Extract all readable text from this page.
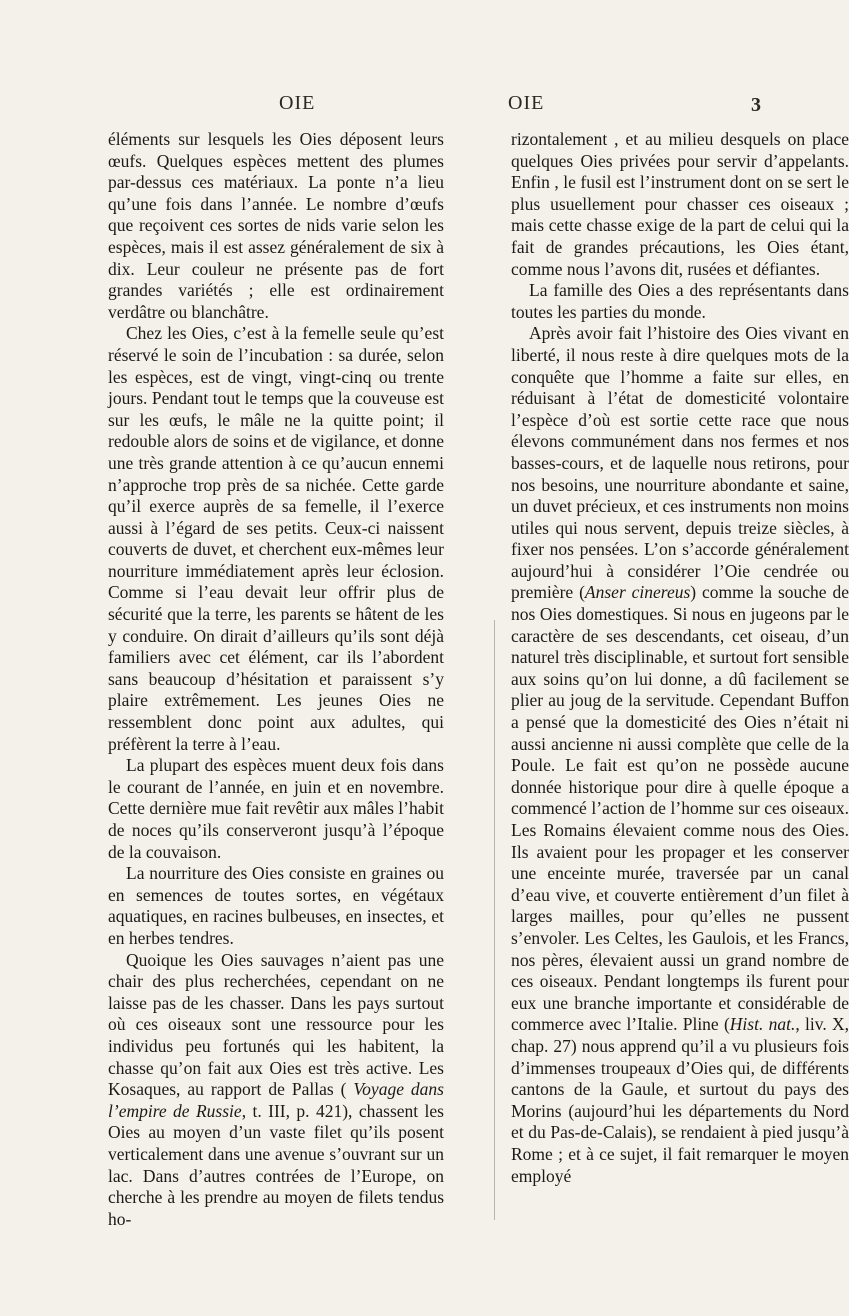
OIE	OIE	3

éléments sur lesquels les Oies déposent leurs œufs. Quelques espèces mettent des plumes par-dessus ces matériaux. La ponte n’a lieu qu’une fois dans l’année. Le nombre d’œufs que reçoivent ces sortes de nids varie selon les espèces, mais il est assez généralement de six à dix. Leur couleur ne présente pas de fort grandes variétés ; elle est ordinairement verdâtre ou blanchâtre.

Chez les Oies, c’est à la femelle seule qu’est réservé le soin de l’incubation : sa durée, selon les espèces, est de vingt, vingt-cinq ou trente jours. Pendant tout le temps que la couveuse est sur les œufs, le mâle ne la quitte point; il redouble alors de soins et de vigilance, et donne une très grande attention à ce qu’aucun ennemi n’approche trop près de sa nichée. Cette garde qu’il exerce auprès de sa femelle, il l’exerce aussi à l’égard de ses petits. Ceux-ci naissent couverts de duvet, et cherchent eux-mêmes leur nourriture immédiatement après leur éclosion. Comme si l’eau devait leur offrir plus de sécurité que la terre, les parents se hâtent de les y conduire. On dirait d’ailleurs qu’ils sont déjà familiers avec cet élément, car ils l’abordent sans beaucoup d’hésitation et paraissent s’y plaire extrêmement. Les jeunes Oies ne ressemblent donc point aux adultes, qui préfèrent la terre à l’eau.

La plupart des espèces muent deux fois dans le courant de l’année, en juin et en novembre. Cette dernière mue fait revêtir aux mâles l’habit de noces qu’ils conserveront jusqu’à l’époque de la couvaison.

La nourriture des Oies consiste en graines ou en semences de toutes sortes, en végétaux aquatiques, en racines bulbeuses, en insectes, et en herbes tendres.

Quoique les Oies sauvages n’aient pas une chair des plus recherchées, cependant on ne laisse pas de les chasser. Dans les pays surtout où ces oiseaux sont une ressource pour les individus peu fortunés qui les habitent, la chasse qu’on fait aux Oies est très active. Les Kosaques, au rapport de Pallas ( Voyage dans l’empire de Russie, t. III, p. 421), chassent les Oies au moyen d’un vaste filet qu’ils posent verticalement dans une avenue s’ouvrant sur un lac. Dans d’autres contrées de l’Europe, on cherche à les prendre au moyen de filets tendus ho-

rizontalement , et au milieu desquels on place quelques Oies privées pour servir d’appelants. Enfin , le fusil est l’instrument dont on se sert le plus usuellement pour chasser ces oiseaux ; mais cette chasse exige de la part de celui qui la fait de grandes précautions, les Oies étant, comme nous l’avons dit, rusées et défiantes.

La famille des Oies a des représentants dans toutes les parties du monde.

Après avoir fait l’histoire des Oies vivant en liberté, il nous reste à dire quelques mots de la conquête que l’homme a faite sur elles, en réduisant à l’état de domesticité volontaire l’espèce d’où est sortie cette race que nous élevons communément dans nos fermes et nos basses-cours, et de laquelle nous retirons, pour nos besoins, une nourriture abondante et saine, un duvet précieux, et ces instruments non moins utiles qui nous servent, depuis treize siècles, à fixer nos pensées. L’on s’accorde généralement aujourd’hui à considérer l’Oie cendrée ou première (Anser cinereus) comme la souche de nos Oies domestiques. Si nous en jugeons par le caractère de ses descendants, cet oiseau, d’un naturel très disciplinable, et surtout fort sensible aux soins qu’on lui donne, a dû facilement se plier au joug de la servitude. Cependant Buffon a pensé que la domesticité des Oies n’était ni aussi ancienne ni aussi complète que celle de la Poule. Le fait est qu’on ne possède aucune donnée historique pour dire à quelle époque a commencé l’action de l’homme sur ces oiseaux. Les Romains élevaient comme nous des Oies. Ils avaient pour les propager et les conserver une enceinte murée, traversée par un canal d’eau vive, et couverte entièrement d’un filet à larges mailles, pour qu’elles ne pussent s’envoler. Les Celtes, les Gaulois, et les Francs, nos pères, élevaient aussi un grand nombre de ces oiseaux. Pendant longtemps ils furent pour eux une branche importante et considérable de commerce avec l’Italie. Pline (Hist. nat., liv. X, chap. 27) nous apprend qu’il a vu plusieurs fois d’immenses troupeaux d’Oies qui, de différents cantons de la Gaule, et surtout du pays des Morins (aujourd’hui les départements du Nord et du Pas-de-Calais), se rendaient à pied jusqu’à Rome ; et à ce sujet, il fait remarquer le moyen employé
